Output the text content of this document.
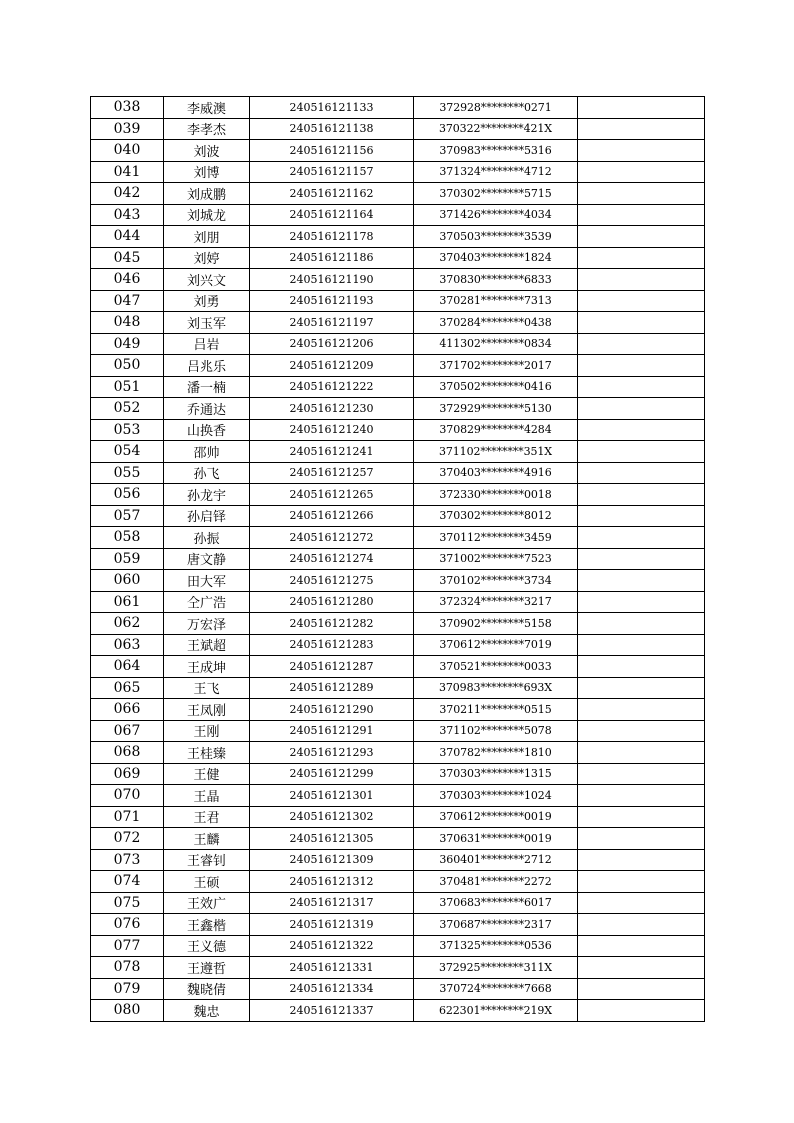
038	李威澳	240516121133	372928********0271	
039	李孝杰	240516121138	370322********421X	
040	刘波	240516121156	370983********5316	
041	刘博	240516121157	371324********4712	
042	刘成鹏	240516121162	370302********5715	
043	刘城龙	240516121164	371426********4034	
044	刘朋	240516121178	370503********3539	
045	刘婷	240516121186	370403********1824	
046	刘兴文	240516121190	370830********6833	
047	刘勇	240516121193	370281********7313	
048	刘玉军	240516121197	370284********0438	
049	吕岩	240516121206	411302********0834	
050	吕兆乐	240516121209	371702********2017	
051	潘一楠	240516121222	370502********0416	
052	乔通达	240516121230	372929********5130	
053	山换香	240516121240	370829********4284	
054	邵帅	240516121241	371102********351X	
055	孙飞	240516121257	370403********4916	
056	孙龙宇	240516121265	372330********0018	
057	孙启铎	240516121266	370302********8012	
058	孙振	240516121272	370112********3459	
059	唐文静	240516121274	371002********7523	
060	田大军	240516121275	370102********3734	
061	仝广浩	240516121280	372324********3217	
062	万宏泽	240516121282	370902********5158	
063	王斌超	240516121283	370612********7019	
064	王成坤	240516121287	370521********0033	
065	王飞	240516121289	370983********693X	
066	王凤刚	240516121290	370211********0515	
067	王刚	240516121291	371102********5078	
068	王桂臻	240516121293	370782********1810	
069	王健	240516121299	370303********1315	
070	王晶	240516121301	370303********1024	
071	王君	240516121302	370612********0019	
072	王麟	240516121305	370631********0019	
073	王睿钊	240516121309	360401********2712	
074	王硕	240516121312	370481********2272	
075	王效广	240516121317	370683********6017	
076	王鑫楷	240516121319	370687********2317	
077	王义德	240516121322	371325********0536	
078	王遵哲	240516121331	372925********311X	
079	魏晓倩	240516121334	370724********7668	
080	魏忠	240516121337	622301********219X	
